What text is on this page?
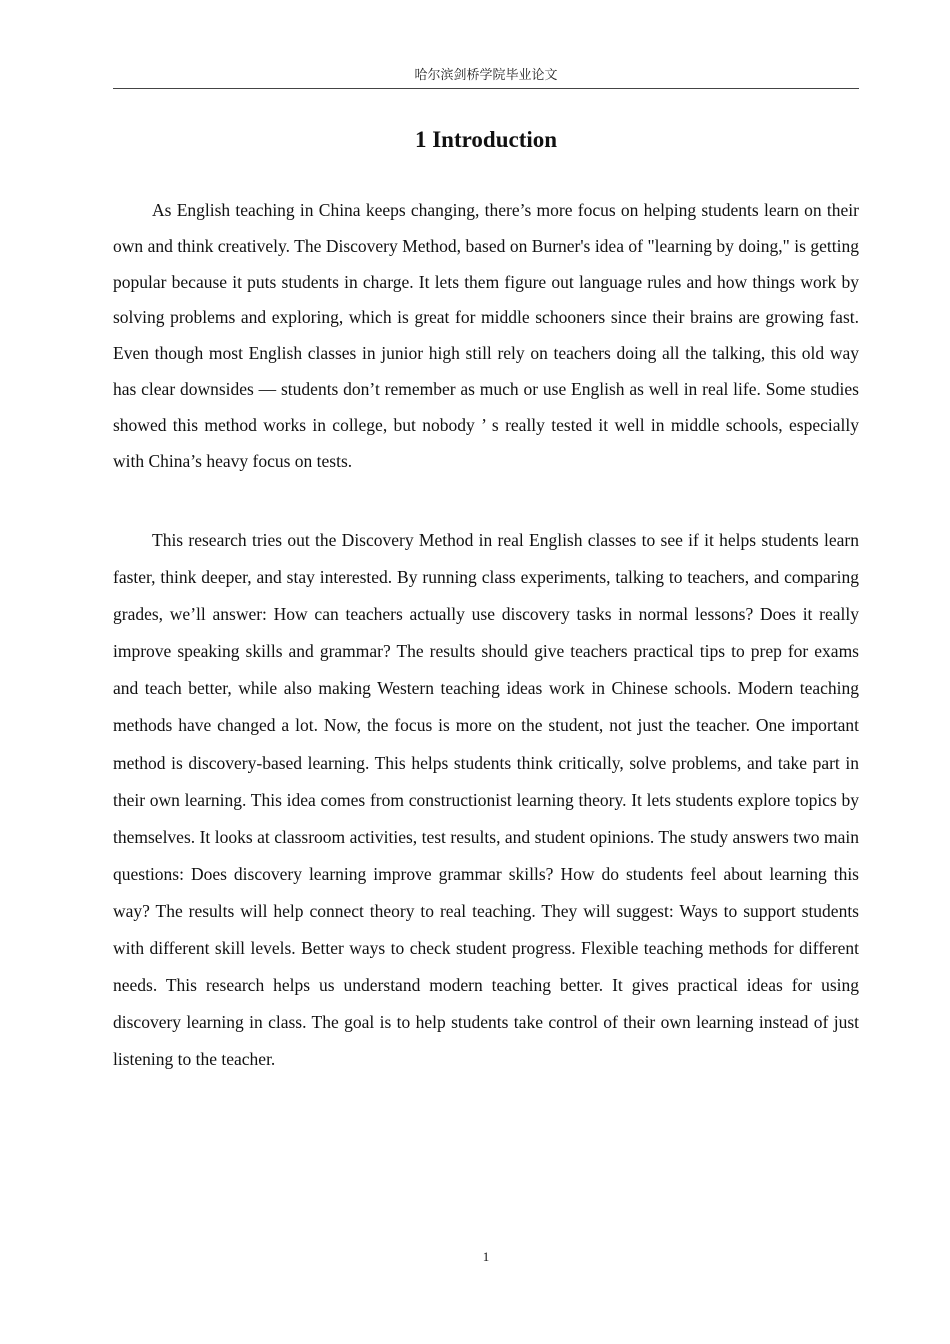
哈尔滨剑桥学院毕业论文
1 Introduction

As English teaching in China keeps changing, there’s more focus on helping students learn on their own and think creatively. The Discovery Method, based on Burner's idea of "learning by doing," is getting popular because it puts students in charge. It lets them figure out language rules and how things work by solving problems and exploring, which is great for middle schooners since their brains are growing fast. Even though most English classes in junior high still rely on teachers doing all the talking, this old way has clear downsides — students don’t remember as much or use English as well in real life. Some studies showed this method works in college, but nobody ’ s really tested it well in middle schools, especially with China’s heavy focus on tests.

This research tries out the Discovery Method in real English classes to see if it helps students learn faster, think deeper, and stay interested. By running class experiments, talking to teachers, and comparing grades, we’ll answer: How can teachers actually use discovery tasks in normal lessons? Does it really improve speaking skills and grammar? The results should give teachers practical tips to prep for exams and teach better, while also making Western teaching ideas work in Chinese schools. Modern teaching methods have changed a lot. Now, the focus is more on the student, not just the teacher. One important method is discovery-based learning. This helps students think critically, solve problems, and take part in their own learning. This idea comes from constructionist learning theory. It lets students explore topics by themselves. It looks at classroom activities, test results, and student opinions. The study answers two main questions: Does discovery learning improve grammar skills? How do students feel about learning this way? The results will help connect theory to real teaching. They will suggest: Ways to support students with different skill levels. Better ways to check student progress. Flexible teaching methods for different needs. This research helps us understand modern teaching better. It gives practical ideas for using discovery learning in class. The goal is to help students take control of their own learning instead of just listening to the teacher.

1
